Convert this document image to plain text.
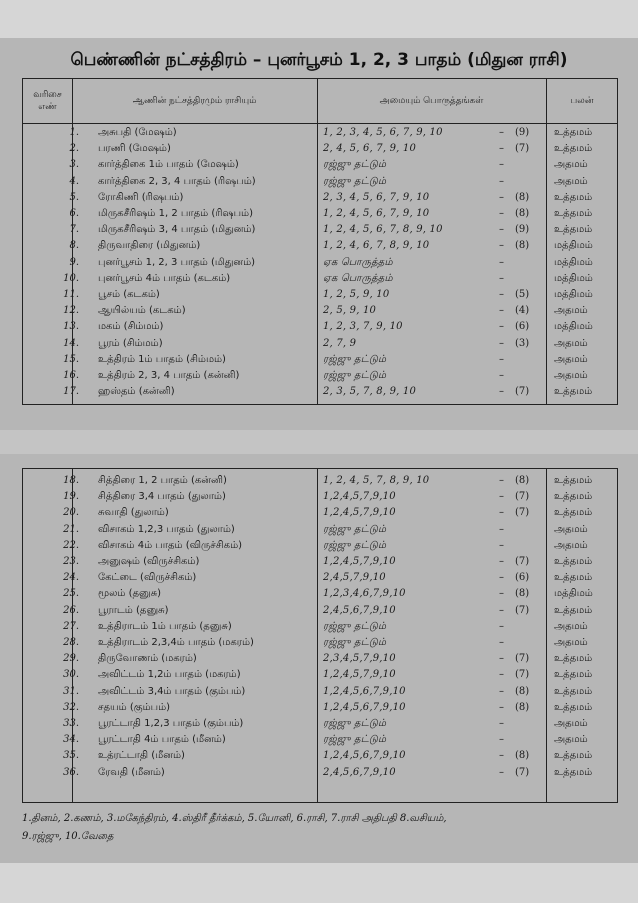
பெண்ணின் நட்சத்திரம் – புனர்பூசம் 1, 2, 3 பாதம் (மிதுன ராசி)
வரிசை எண்
ஆணின் நட்சத்திரமும் ராசியும்	அமையும் பொருத்தங்கள்	பலன்
1. அசுபதி (மேஷம்)	1, 2, 3, 4, 5, 6, 7, 9, 10	– (9) உத்தமம்
2. பரணி (மேஷம்)	2, 4, 5, 6, 7, 9, 10	– (7) உத்தமம்
3. கார்த்திகை 1ம் பாதம் (மேஷம்)	ரஜ்ஜு தட்டும்	–	அதமம்
4. கார்த்திகை 2, 3, 4 பாதம் (ரிஷபம்)	ரஜ்ஜு தட்டும்	–	அதமம்
5. ரோகிணி (ரிஷபம்)	2, 3, 4, 5, 6, 7, 9, 10	– (8) உத்தமம்
6. மிருகசீரிஷம் 1, 2 பாதம் (ரிஷபம்)	1, 2, 4, 5, 6, 7, 9, 10	– (8) உத்தமம்
7. மிருகசீரிஷம் 3, 4 பாதம் (மிதுனம்)	1, 2, 4, 5, 6, 7, 8, 9, 10	– (9) உத்தமம்
8. திருவாதிரை (மிதுனம்)	1, 2, 4, 6, 7, 8, 9, 10	– (8) மத்திமம்
9. புனர்பூசம் 1, 2, 3 பாதம் (மிதுனம்)	ஏக பொருத்தம்	–	மத்திமம்
10. புனர்பூசம் 4ம் பாதம் (கடகம்)	ஏக பொருத்தம்	–	மத்திமம்
11. பூசம் (கடகம்)	1, 2, 5, 9, 10	– (5) மத்திமம்
12. ஆயில்யம் (கடகம்)	2, 5, 9, 10	– (4) அதமம்
13. மகம் (சிம்மம்)	1, 2, 3, 7, 9, 10	– (6) மத்திமம்
14. பூரம் (சிம்மம்)	2, 7, 9	– (3) அதமம்
15. உத்திரம் 1ம் பாதம் (சிம்மம்)	ரஜ்ஜு தட்டும்	–	அதமம்
16. உத்திரம் 2, 3, 4 பாதம் (கன்னி)	ரஜ்ஜு தட்டும்	–	அதமம்
17. ஹஸ்தம் (கன்னி)	2, 3, 5, 7, 8, 9, 10	– (7) உத்தமம்
18. சித்திரை 1, 2 பாதம் (கன்னி)	1, 2, 4, 5, 7, 8, 9, 10	– (8) உத்தமம்
19. சித்திரை 3,4 பாதம் (துலாம்)	1,2,4,5,7,9,10	– (7) உத்தமம்
20. சுவாதி (துலாம்)	1,2,4,5,7,9,10	– (7) உத்தமம்
21. விசாகம் 1,2,3 பாதம் (துலாம்)	ரஜ்ஜு தட்டும்	–	அதமம்
22. விசாகம் 4ம் பாதம் (விருச்சிகம்)	ரஜ்ஜு தட்டும்	–	அதமம்
23. அனுஷம் (விருச்சிகம்)	1,2,4,5,7,9,10	– (7) உத்தமம்
24. கேட்டை (விருச்சிகம்)	2,4,5,7,9,10	– (6) உத்தமம்
25. மூலம் (தனுசு)	1,2,3,4,6,7,9,10	– (8) மத்திமம்
26. பூராடம் (தனுசு)	2,4,5,6,7,9,10	– (7) உத்தமம்
27. உத்திராடம் 1ம் பாதம் (தனுசு)	ரஜ்ஜு தட்டும்	–	அதமம்
28. உத்திராடம் 2,3,4ம் பாதம் (மகரம்)	ரஜ்ஜு தட்டும்	–	அதமம்
29. திருவோணம் (மகரம்)	2,3,4,5,7,9,10	– (7) உத்தமம்
30. அவிட்டம் 1,2ம் பாதம் (மகரம்)	1,2,4,5,7,9,10	– (7) உத்தமம்
31. அவிட்டம் 3,4ம் பாதம் (கும்பம்)	1,2,4,5,6,7,9,10	– (8) உத்தமம்
32. சதயம் (கும்பம்)	1,2,4,5,6,7,9,10	– (8) உத்தமம்
33. பூரட்டாதி 1,2,3 பாதம் (கும்பம்)	ரஜ்ஜு தட்டும்	–	அதமம்
34. பூரட்டாதி 4ம் பாதம் (மீனம்)	ரஜ்ஜு தட்டும்	–	அதமம்
35. உத்ரட்டாதி (மீனம்)	1,2,4,5,6,7,9,10	– (8) உத்தமம்
36. ரேவதி (மீனம்)	2,4,5,6,7,9,10	– (7) உத்தமம்
1.தினம், 2.கணம், 3.மகேந்திரம், 4.ஸ்திரீ தீர்க்கம், 5.யோனி, 6.ராசி, 7.ராசி அதிபதி 8.வசியம்,
9.ரஜ்ஜு, 10.வேதை
